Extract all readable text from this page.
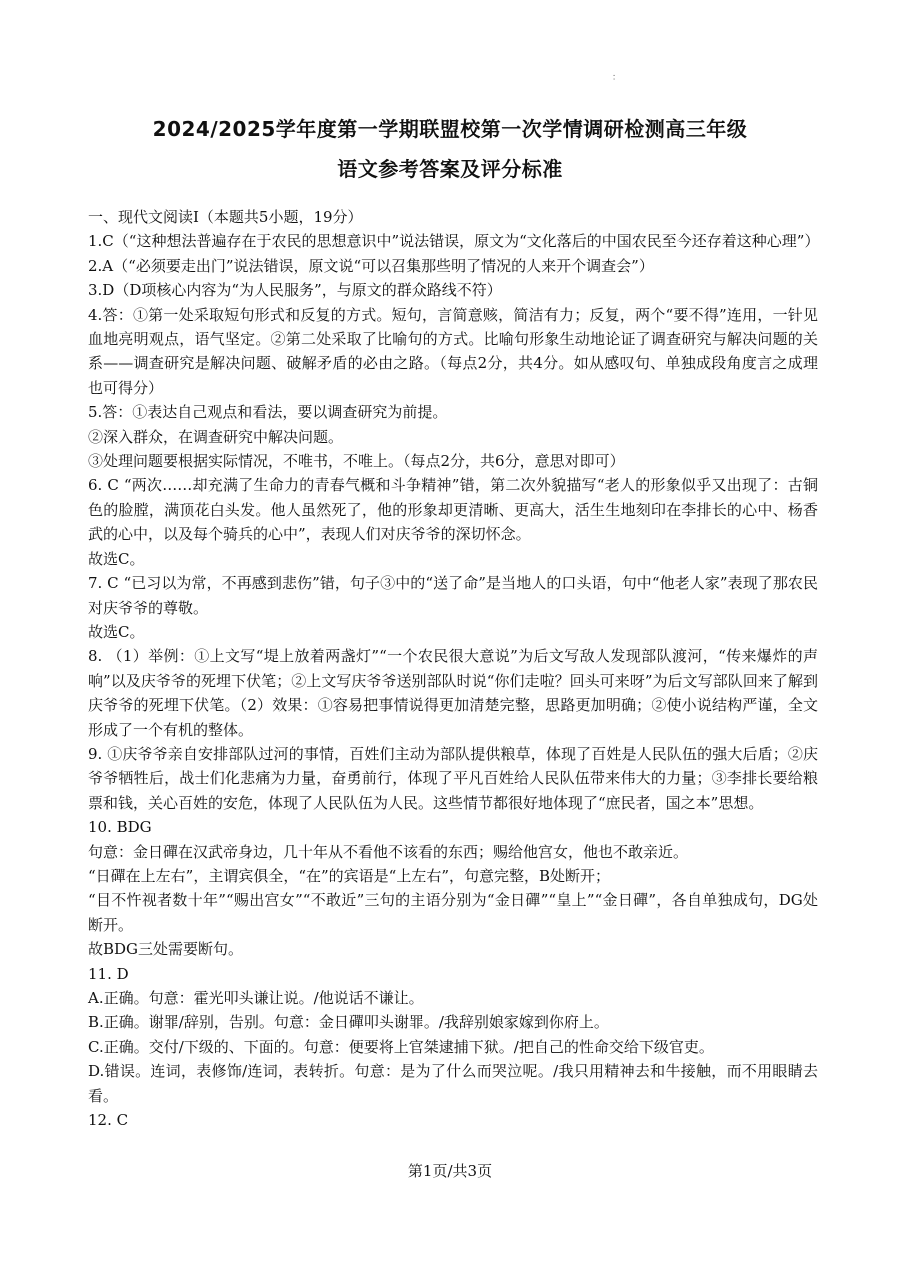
：
2024/2025学年度第一学期联盟校第一次学情调研检测高三年级
语文参考答案及评分标准

一、现代文阅读Ⅰ（本题共5小题，19分）

1.C（“这种想法普遍存在于农民的思想意识中”说法错误，原文为“文化落后的中国农民至今还存着这种心理”）

2.A（“必须要走出门”说法错误，原文说“可以召集那些明了情况的人来开个调查会”）

3.D（D项核心内容为“为人民服务”，与原文的群众路线不符）

4.答：①第一处采取短句形式和反复的方式。短句，言简意赅，简洁有力；反复，两个“要不得”连用，一针见血地亮明观点，语气坚定。②第二处采取了比喻句的方式。比喻句形象生动地论证了调查研究与解决问题的关系——调查研究是解决问题、破解矛盾的必由之路。（每点2分，共4分。如从感叹句、单独成段角度言之成理也可得分）

5.答：①表达自己观点和看法，要以调查研究为前提。

②深入群众，在调查研究中解决问题。

③处理问题要根据实际情况，不唯书，不唯上。（每点2分，共6分，意思对即可）

6. C “两次……却充满了生命力的青春气概和斗争精神”错，第二次外貌描写“老人的形象似乎又出现了：古铜色的脸膛，满顶花白头发。他人虽然死了，他的形象却更清晰、更高大，活生生地刻印在李排长的心中、杨香武的心中，以及每个骑兵的心中”，表现人们对庆爷爷的深切怀念。

故选C。

7. C “已习以为常，不再感到悲伤”错，句子③中的“送了命”是当地人的口头语，句中“他老人家”表现了那农民对庆爷爷的尊敬。

故选C。

8. （1）举例：①上文写“堤上放着两盏灯”“一个农民很大意说”为后文写敌人发现部队渡河，“传来爆炸的声响”以及庆爷爷的死埋下伏笔；②上文写庆爷爷送别部队时说“你们走啦？回头可来呀”为后文写部队回来了解到庆爷爷的死埋下伏笔。（2）效果：①容易把事情说得更加清楚完整，思路更加明确；②使小说结构严谨，全文形成了一个有机的整体。

9. ①庆爷爷亲自安排部队过河的事情，百姓们主动为部队提供粮草，体现了百姓是人民队伍的强大后盾；②庆爷爷牺牲后，战士们化悲痛为力量，奋勇前行，体现了平凡百姓给人民队伍带来伟大的力量；③李排长要给粮票和钱，关心百姓的安危，体现了人民队伍为人民。这些情节都很好地体现了“庶民者，国之本”思想。

10. BDG

句意：金日磾在汉武帝身边，几十年从不看他不该看的东西；赐给他宫女，他也不敢亲近。

“日磾在上左右”，主谓宾俱全，“在”的宾语是“上左右”，句意完整，B处断开；

“目不忤视者数十年”“赐出宫女”“不敢近”三句的主语分别为“金日磾”“皇上”“金日磾”，各自单独成句，DG处断开。

故BDG三处需要断句。

11. D

A.正确。句意：霍光叩头谦让说。/他说话不谦让。

B.正确。谢罪/辞别，告别。句意：金日磾叩头谢罪。/我辞别娘家嫁到你府上。

C.正确。交付/下级的、下面的。句意：便要将上官桀逮捕下狱。/把自己的性命交给下级官吏。

D.错误。连词，表修饰/连词，表转折。句意：是为了什么而哭泣呢。/我只用精神去和牛接触，而不用眼睛去看。

12. C

第1页/共3页
